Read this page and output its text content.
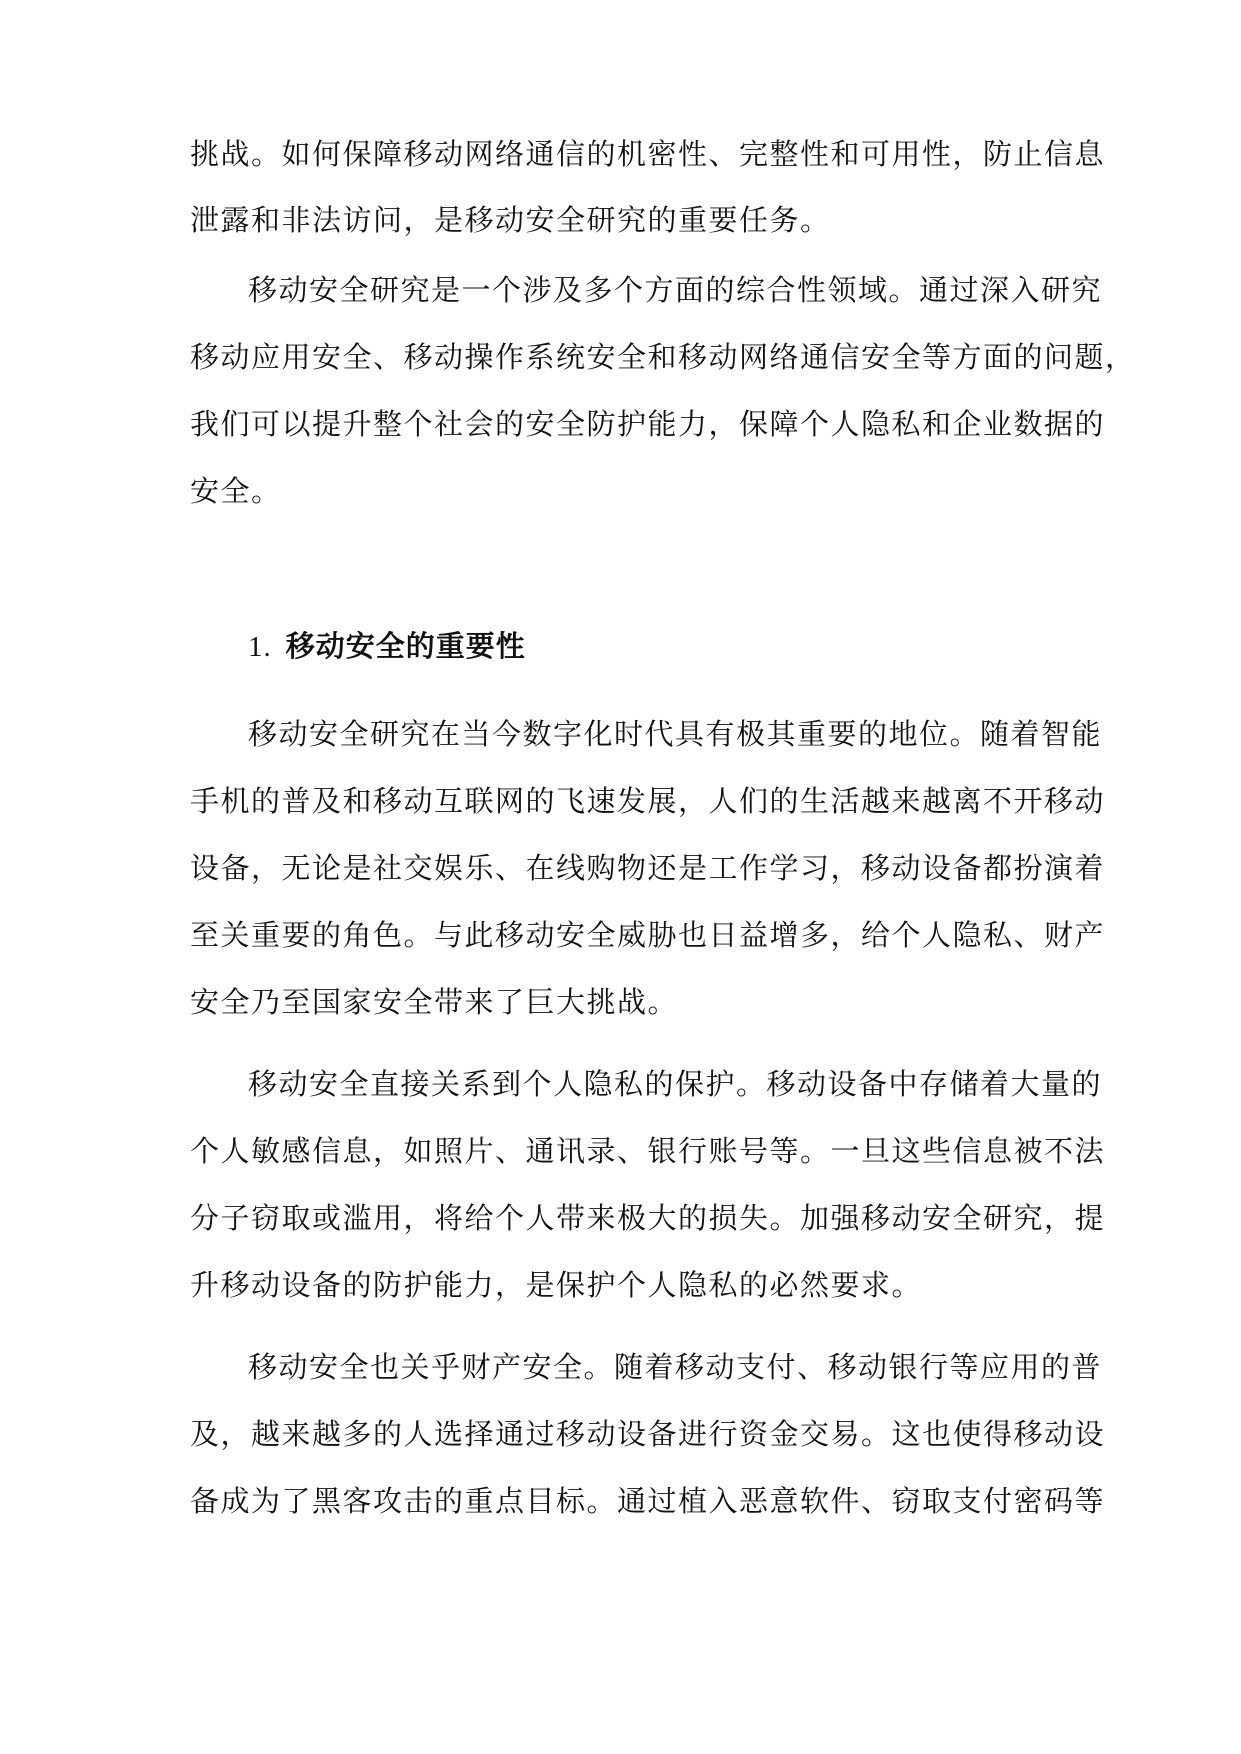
挑战。如何保障移动网络通信的机密性、完整性和可用性，防止信息
泄露和非法访问，是移动安全研究的重要任务。
移动安全研究是一个涉及多个方面的综合性领域。通过深入研究
移动应用安全、移动操作系统安全和移动网络通信安全等方面的问题，
我们可以提升整个社会的安全防护能力，保障个人隐私和企业数据的
安全。
1. 移动安全的重要性
移动安全研究在当今数字化时代具有极其重要的地位。随着智能
手机的普及和移动互联网的飞速发展，人们的生活越来越离不开移动
设备，无论是社交娱乐、在线购物还是工作学习，移动设备都扮演着
至关重要的角色。与此移动安全威胁也日益增多，给个人隐私、财产
安全乃至国家安全带来了巨大挑战。
移动安全直接关系到个人隐私的保护。移动设备中存储着大量的
个人敏感信息，如照片、通讯录、银行账号等。一旦这些信息被不法
分子窃取或滥用，将给个人带来极大的损失。加强移动安全研究，提
升移动设备的防护能力，是保护个人隐私的必然要求。
移动安全也关乎财产安全。随着移动支付、移动银行等应用的普
及，越来越多的人选择通过移动设备进行资金交易。这也使得移动设
备成为了黑客攻击的重点目标。通过植入恶意软件、窃取支付密码等
